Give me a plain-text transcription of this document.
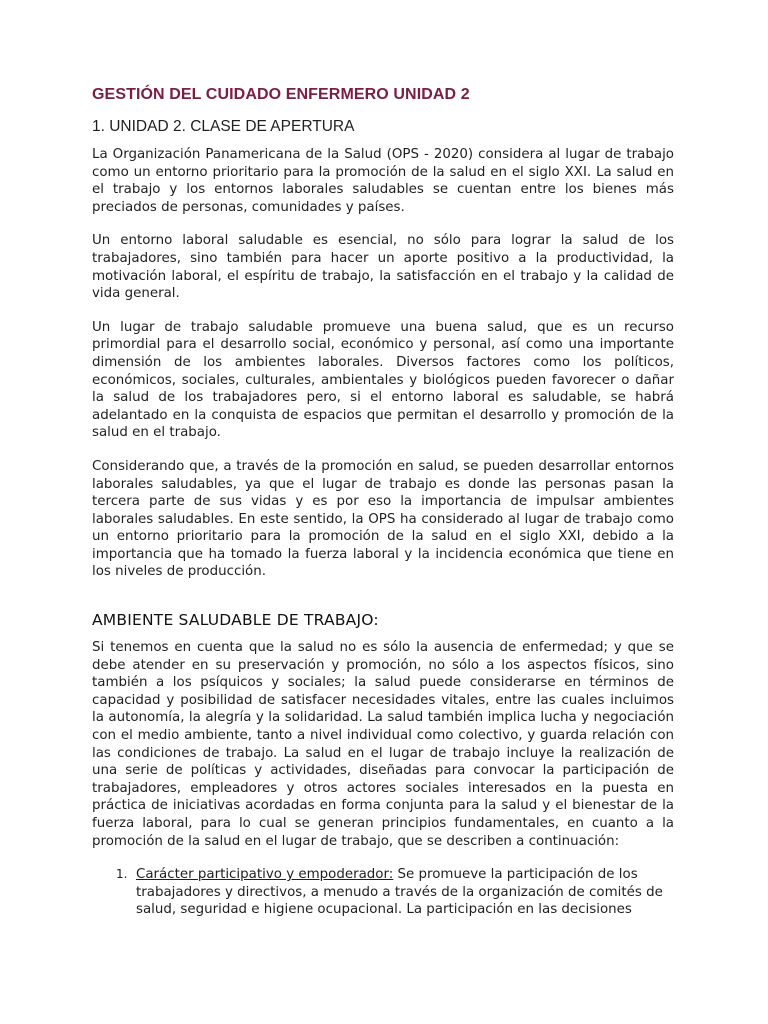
GESTIÓN DEL CUIDADO ENFERMERO UNIDAD 2
1. UNIDAD 2. CLASE DE APERTURA

La Organización Panamericana de la Salud (OPS - 2020) considera al lugar de trabajo como un entorno prioritario para la promoción de la salud en el siglo XXI. La salud en el trabajo y los entornos laborales saludables se cuentan entre los bienes más preciados de personas, comunidades y países.

Un entorno laboral saludable es esencial, no sólo para lograr la salud de los trabajadores, sino también para hacer un aporte positivo a la productividad, la motivación laboral, el espíritu de trabajo, la satisfacción en el trabajo y la calidad de vida general.

Un lugar de trabajo saludable promueve una buena salud, que es un recurso primordial para el desarrollo social, económico y personal, así como una importante dimensión de los ambientes laborales. Diversos factores como los políticos, económicos, sociales, culturales, ambientales y biológicos pueden favorecer o dañar la salud de los trabajadores pero, si el entorno laboral es saludable, se habrá adelantado en la conquista de espacios que permitan el desarrollo y promoción de la salud en el trabajo.

Considerando que, a través de la promoción en salud, se pueden desarrollar entornos laborales saludables, ya que el lugar de trabajo es donde las personas pasan la tercera parte de sus vidas y es por eso la importancia de impulsar ambientes laborales saludables. En este sentido, la OPS ha considerado al lugar de trabajo como un entorno prioritario para la promoción de la salud en el siglo XXI, debido a la importancia que ha tomado la fuerza laboral y la incidencia económica que tiene en los niveles de producción.

AMBIENTE SALUDABLE DE TRABAJO:

Si tenemos en cuenta que la salud no es sólo la ausencia de enfermedad; y que se debe atender en su preservación y promoción, no sólo a los aspectos físicos, sino también a los psíquicos y sociales; la salud puede considerarse en términos de capacidad y posibilidad de satisfacer necesidades vitales, entre las cuales incluimos la autonomía, la alegría y la solidaridad. La salud también implica lucha y negociación con el medio ambiente, tanto a nivel individual como colectivo, y guarda relación con las condiciones de trabajo. La salud en el lugar de trabajo incluye la realización de una serie de políticas y actividades, diseñadas para convocar la participación de trabajadores, empleadores y otros actores sociales interesados en la puesta en práctica de iniciativas acordadas en forma conjunta para la salud y el bienestar de la fuerza laboral, para lo cual se generan principios fundamentales, en cuanto a la promoción de la salud en el lugar de trabajo, que se describen a continuación:

1. Carácter participativo y empoderador: Se promueve la participación de los trabajadores y directivos, a menudo a través de la organización de comités de salud, seguridad e higiene ocupacional. La participación en las decisiones
